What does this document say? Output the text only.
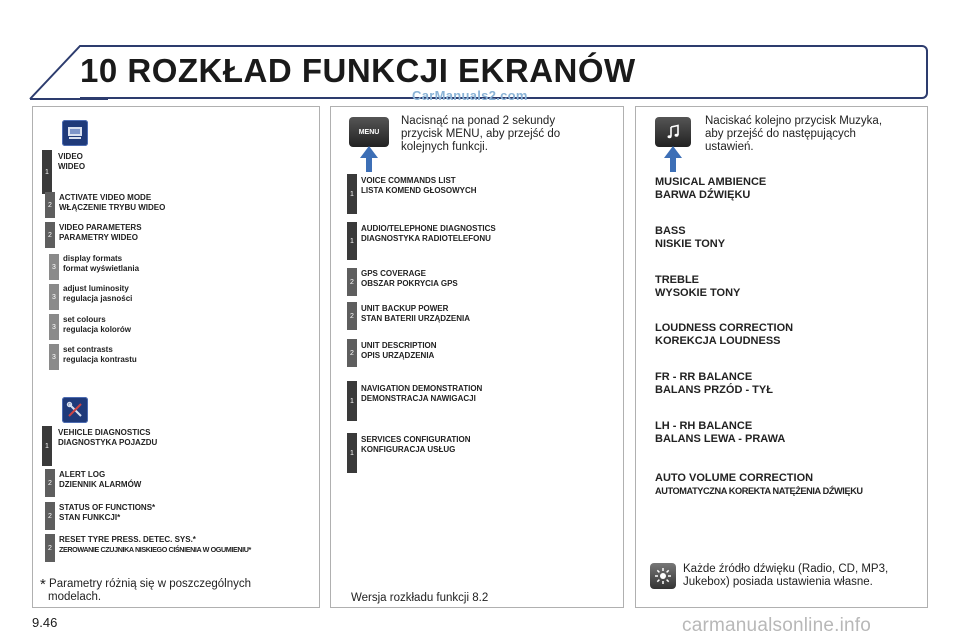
10 ROZKŁAD FUNKCJI EKRANÓW
CarManuals2.com
1
VIDEO
WIDEO
2
ACTIVATE VIDEO MODE
WŁĄCZENIE TRYBU WIDEO
2
VIDEO PARAMETERS
PARAMETRY WIDEO
3
display formats
format wyświetlania
3
adjust luminosity
regulacja jasności
3
set colours
regulacja kolorów
3
set contrasts
regulacja kontrastu
1
VEHICLE DIAGNOSTICS
DIAGNOSTYKA POJAZDU
2
ALERT LOG
DZIENNIK ALARMÓW
2
STATUS OF FUNCTIONS*
STAN FUNKCJI*
2
RESET TYRE PRESS. DETEC. SYS.*
ZEROWANIE CZUJNIKA NISKIEGO CIŚNIENIA W OGUMIENIU*
* Parametry różnią się w poszczególnych
modelach.
MENU
Nacisnąć na ponad 2 sekundy
przycisk MENU, aby przejść do
kolejnych funkcji.
1
VOICE COMMANDS LIST
LISTA KOMEND GŁOSOWYCH
1
AUDIO/TELEPHONE DIAGNOSTICS
DIAGNOSTYKA RADIOTELEFONU
2
GPS COVERAGE
OBSZAR POKRYCIA GPS
2
UNIT BACKUP POWER
STAN BATERII URZĄDZENIA
2
UNIT DESCRIPTION
OPIS URZĄDZENIA
1
NAVIGATION DEMONSTRATION
DEMONSTRACJA NAWIGACJI
1
SERVICES CONFIGURATION
KONFIGURACJA USŁUG
Wersja rozkładu funkcji 8.2
Naciskać kolejno przycisk Muzyka,
aby przejść do następujących
ustawień.
MUSICAL AMBIENCE
BARWA DŹWIĘKU
BASS
NISKIE TONY
TREBLE
WYSOKIE TONY
LOUDNESS CORRECTION
KOREKCJA LOUDNESS
FR - RR BALANCE
BALANS PRZÓD - TYŁ
LH - RH BALANCE
BALANS LEWA - PRAWA
AUTO VOLUME CORRECTION
AUTOMATYCZNA KOREKTA NATĘŻENIA DŹWIĘKU
Każde źródło dźwięku (Radio, CD, MP3,
Jukebox) posiada ustawienia własne.
9.46	carmanualsonline.info
